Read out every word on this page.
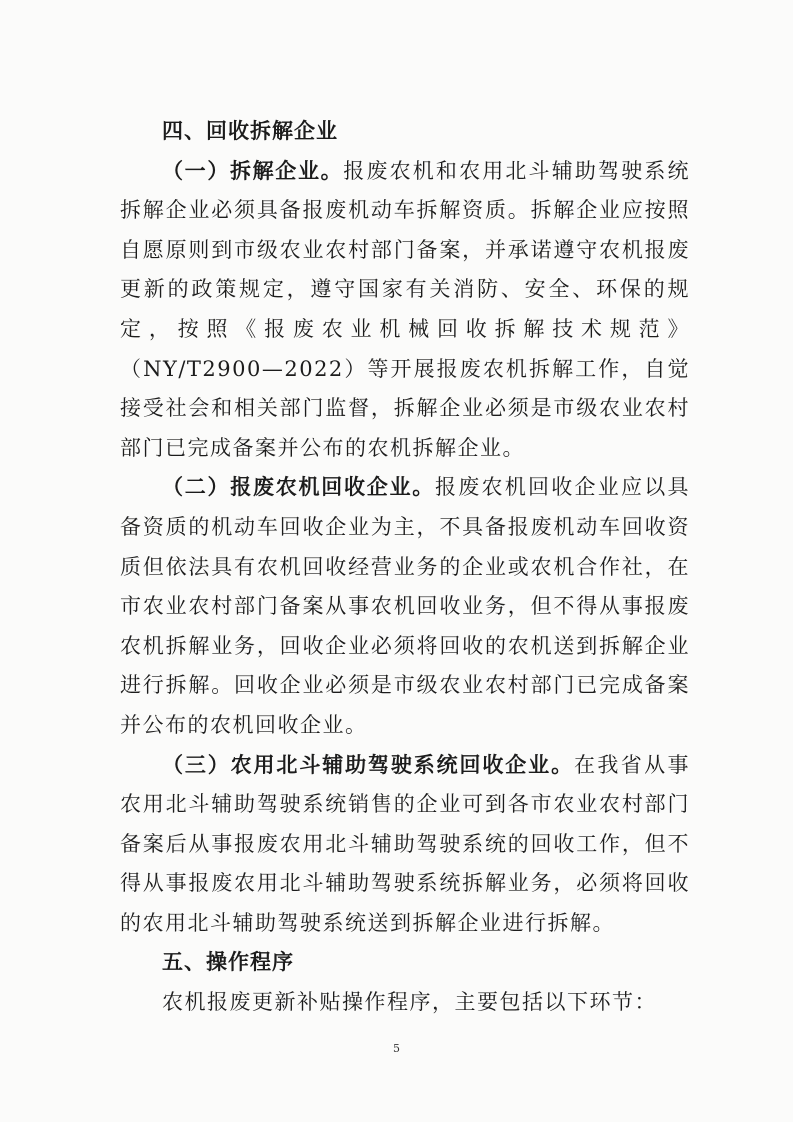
四、回收拆解企业

（一）拆解企业。报废农机和农用北斗辅助驾驶系统拆解企业必须具备报废机动车拆解资质。拆解企业应按照自愿原则到市级农业农村部门备案，并承诺遵守农机报废更新的政策规定，遵守国家有关消防、安全、环保的规定，按照《报废农业机械回收拆解技术规范》（NY/T2900—2022）等开展报废农机拆解工作，自觉接受社会和相关部门监督，拆解企业必须是市级农业农村部门已完成备案并公布的农机拆解企业。

（二）报废农机回收企业。报废农机回收企业应以具备资质的机动车回收企业为主，不具备报废机动车回收资质但依法具有农机回收经营业务的企业或农机合作社，在市农业农村部门备案从事农机回收业务，但不得从事报废农机拆解业务，回收企业必须将回收的农机送到拆解企业进行拆解。回收企业必须是市级农业农村部门已完成备案并公布的农机回收企业。

（三）农用北斗辅助驾驶系统回收企业。在我省从事农用北斗辅助驾驶系统销售的企业可到各市农业农村部门备案后从事报废农用北斗辅助驾驶系统的回收工作，但不得从事报废农用北斗辅助驾驶系统拆解业务，必须将回收的农用北斗辅助驾驶系统送到拆解企业进行拆解。

五、操作程序

农机报废更新补贴操作程序，主要包括以下环节：

5
